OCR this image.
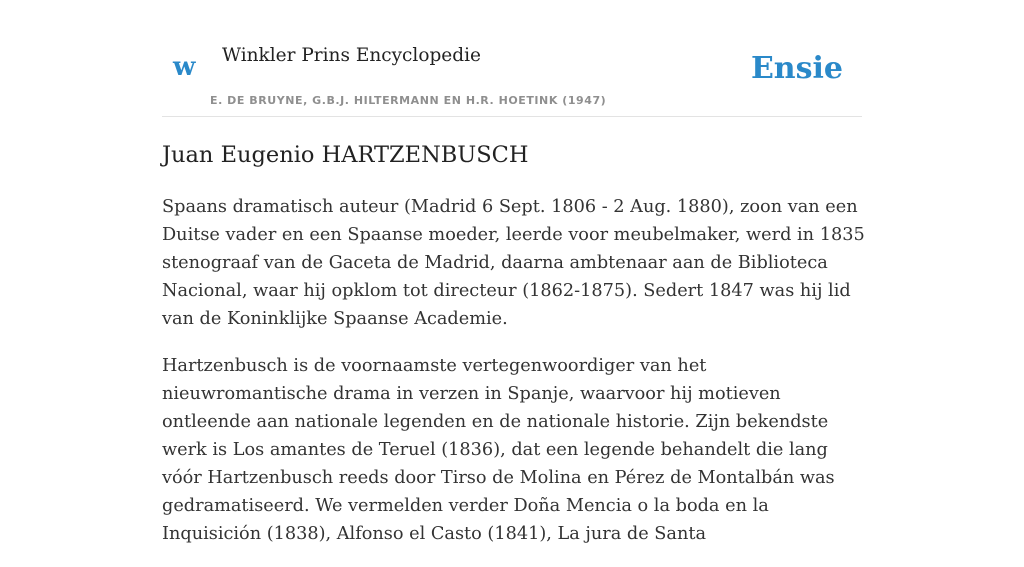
w Winkler Prins Encyclopedie
E. DE BRUYNE, G.B.J. HILTERMANN EN H.R. HOETINK (1947)
Ensie
Juan Eugenio HARTZENBUSCH

Spaans dramatisch auteur (Madrid 6 Sept. 1806 - 2 Aug. 1880), zoon van een Duitse vader en een Spaanse moeder, leerde voor meubelmaker, werd in 1835 stenograaf van de Gaceta de Madrid, daarna ambtenaar aan de Biblioteca Nacional, waar hij opklom tot directeur (1862-1875). Sedert 1847 was hij lid van de Koninklijke Spaanse Academie.

Hartzenbusch is de voornaamste vertegenwoordiger van het nieuwromantische drama in verzen in Spanje, waarvoor hij motieven ontleende aan nationale legenden en de nationale historie. Zijn bekendste werk is Los amantes de Teruel (1836), dat een legende behandelt die lang vóór Hartzenbusch reeds door Tirso de Molina en Pérez de Montalbán was gedramatiseerd. We vermelden verder Doña Mencia o la boda en la Inquisición (1838), Alfonso el Casto (1841), La jura de Santa
